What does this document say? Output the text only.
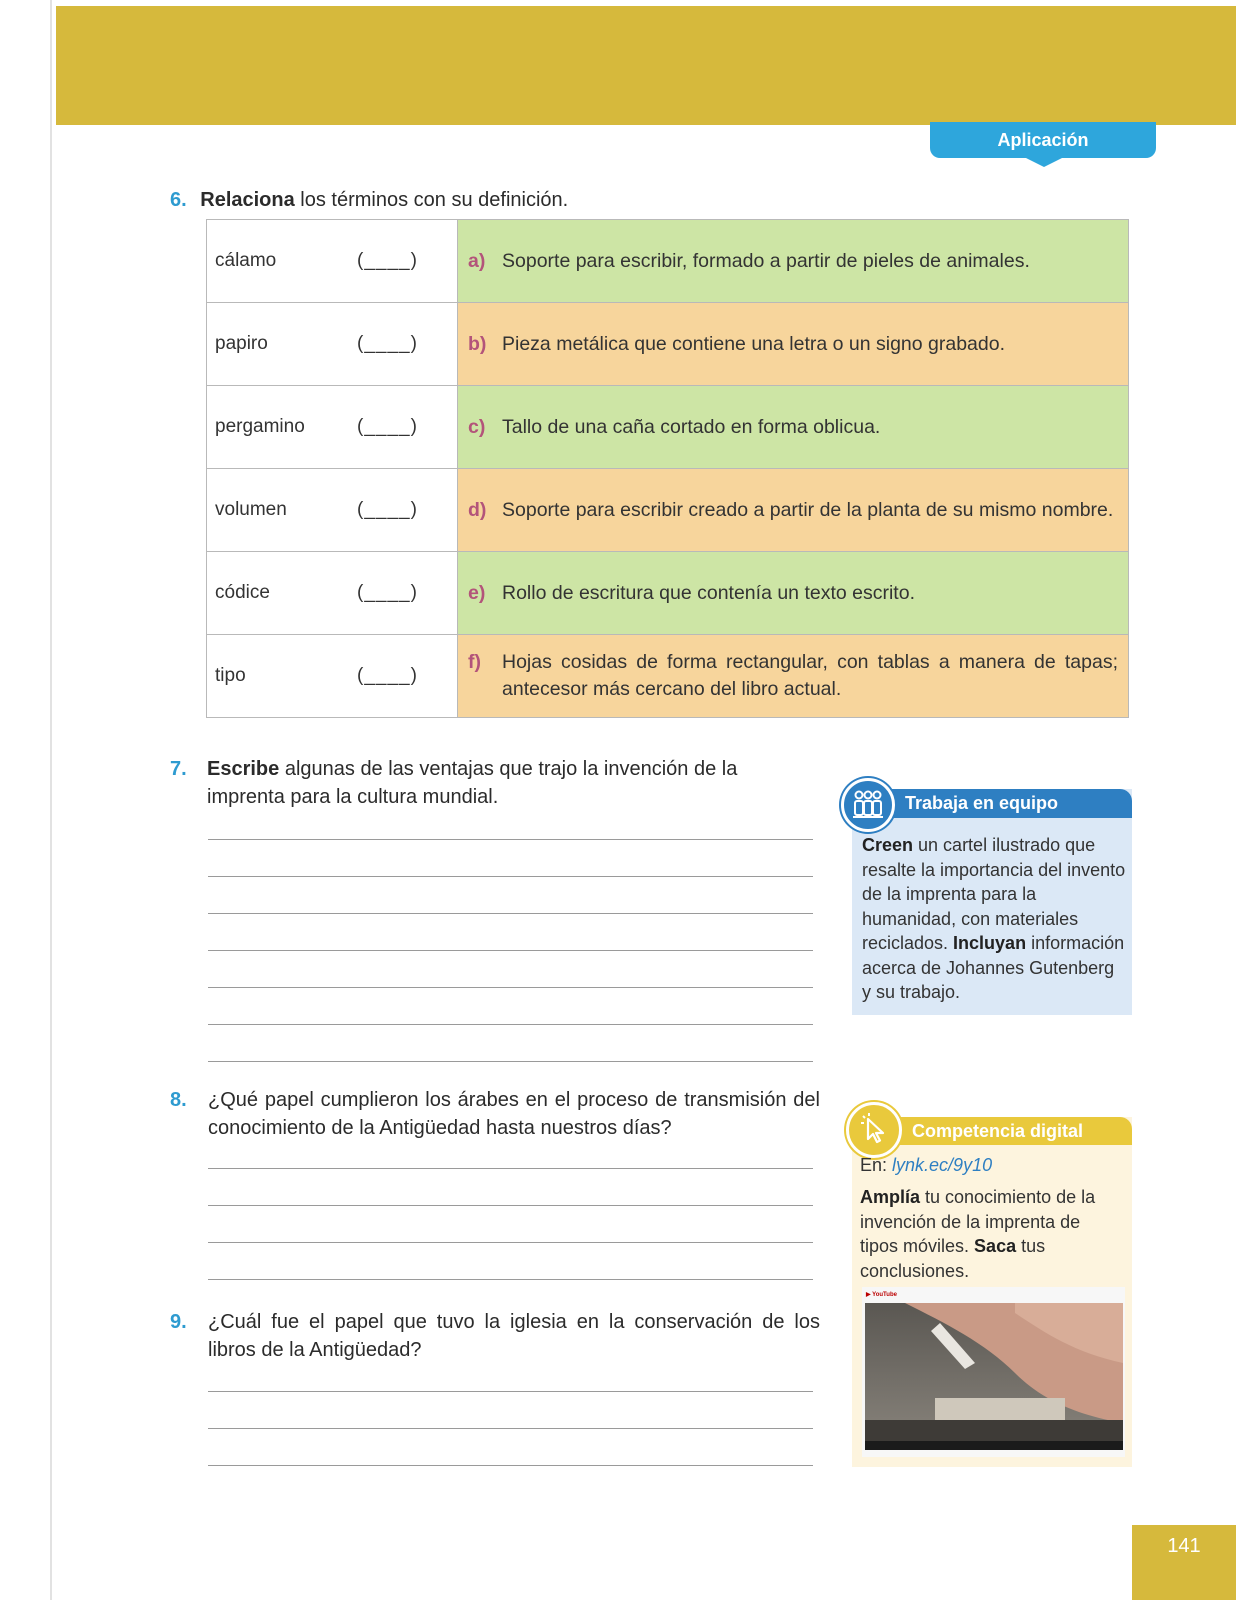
Aplicación
6. Relaciona los términos con su definición.
cálamo (____)	a) Soporte para escribir, formado a partir de pieles de animales.

papiro (____)	b) Pieza metálica que contiene una letra o un signo grabado.

pergamino (____)	c) Tallo de una caña cortado en forma oblicua.

volumen (____)	d) Soporte para escribir creado a partir de la planta de su mismo nombre.

códice (____)	e) Rollo de escritura que contenía un texto escrito.

tipo (____)	f) Hojas cosidas de forma rectangular, con tablas a manera de tapas; antecesor más cercano del libro actual.
7. Escribe algunas de las ventajas que trajo la invención de la imprenta para la cultura mundial.	Trabaja en equipo
Creen un cartel ilustrado que resalte la importancia del invento de la imprenta para la humanidad, con materiales reciclados. Incluyan información acerca de Johannes Gutenberg y su trabajo.
8. ¿Qué papel cumplieron los árabes en el proceso de transmisión del conocimiento de la Antigüedad hasta nuestros días?	Competencia digital
En: lynk.ec/9y10
Amplía tu conocimiento de la invención de la imprenta de tipos móviles. Saca tus conclusiones.
▶ YouTube
9. ¿Cuál fue el papel que tuvo la iglesia en la conservación de los libros de la Antigüedad?
141
